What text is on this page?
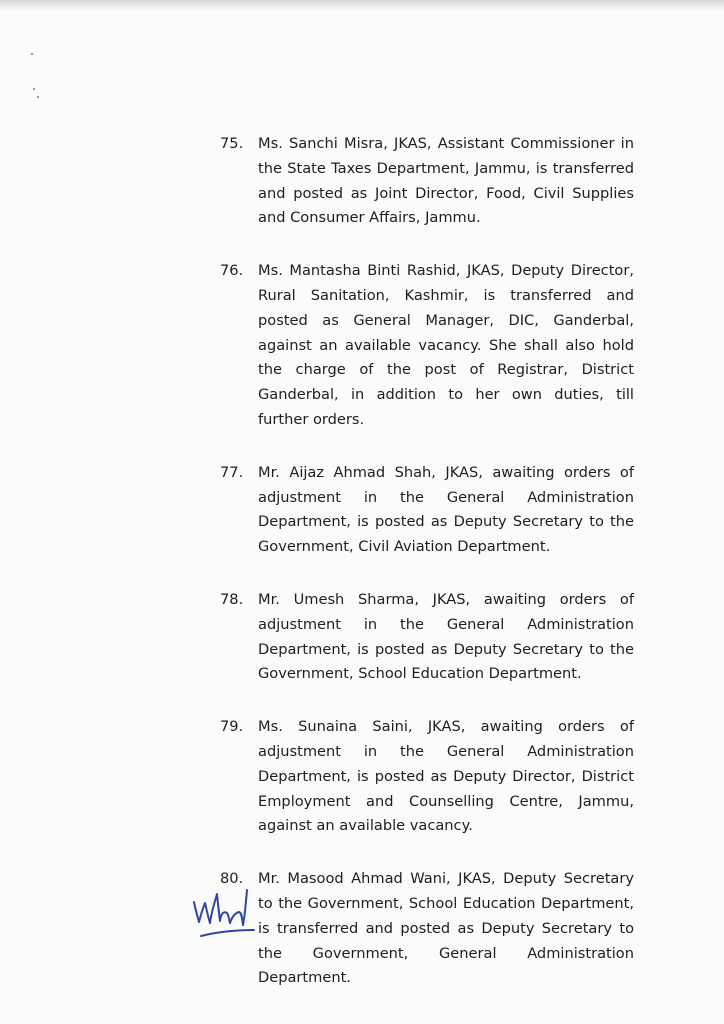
75.	Ms. Sanchi Misra, JKAS, Assistant Commissioner in the State Taxes Department, Jammu, is transferred and posted as Joint Director, Food, Civil Supplies and Consumer Affairs, Jammu.
76.	Ms. Mantasha Binti Rashid, JKAS, Deputy Director, Rural Sanitation, Kashmir, is transferred and posted as General Manager, DIC, Ganderbal, against an available vacancy. She shall also hold the charge of the post of Registrar, District Ganderbal, in addition to her own duties, till further orders.
77.	Mr. Aijaz Ahmad Shah, JKAS, awaiting orders of adjustment in the General Administration Department, is posted as Deputy Secretary to the Government, Civil Aviation Department.
78.	Mr. Umesh Sharma, JKAS, awaiting orders of adjustment in the General Administration Department, is posted as Deputy Secretary to the Government, School Education Department.
79.	Ms. Sunaina Saini, JKAS, awaiting orders of adjustment in the General Administration Department, is posted as Deputy Director, District Employment and Counselling Centre, Jammu, against an available vacancy.
80.	Mr. Masood Ahmad Wani, JKAS, Deputy Secretary to the Government, School Education Department, is transferred and posted as Deputy Secretary to the Government, General Administration Department.
